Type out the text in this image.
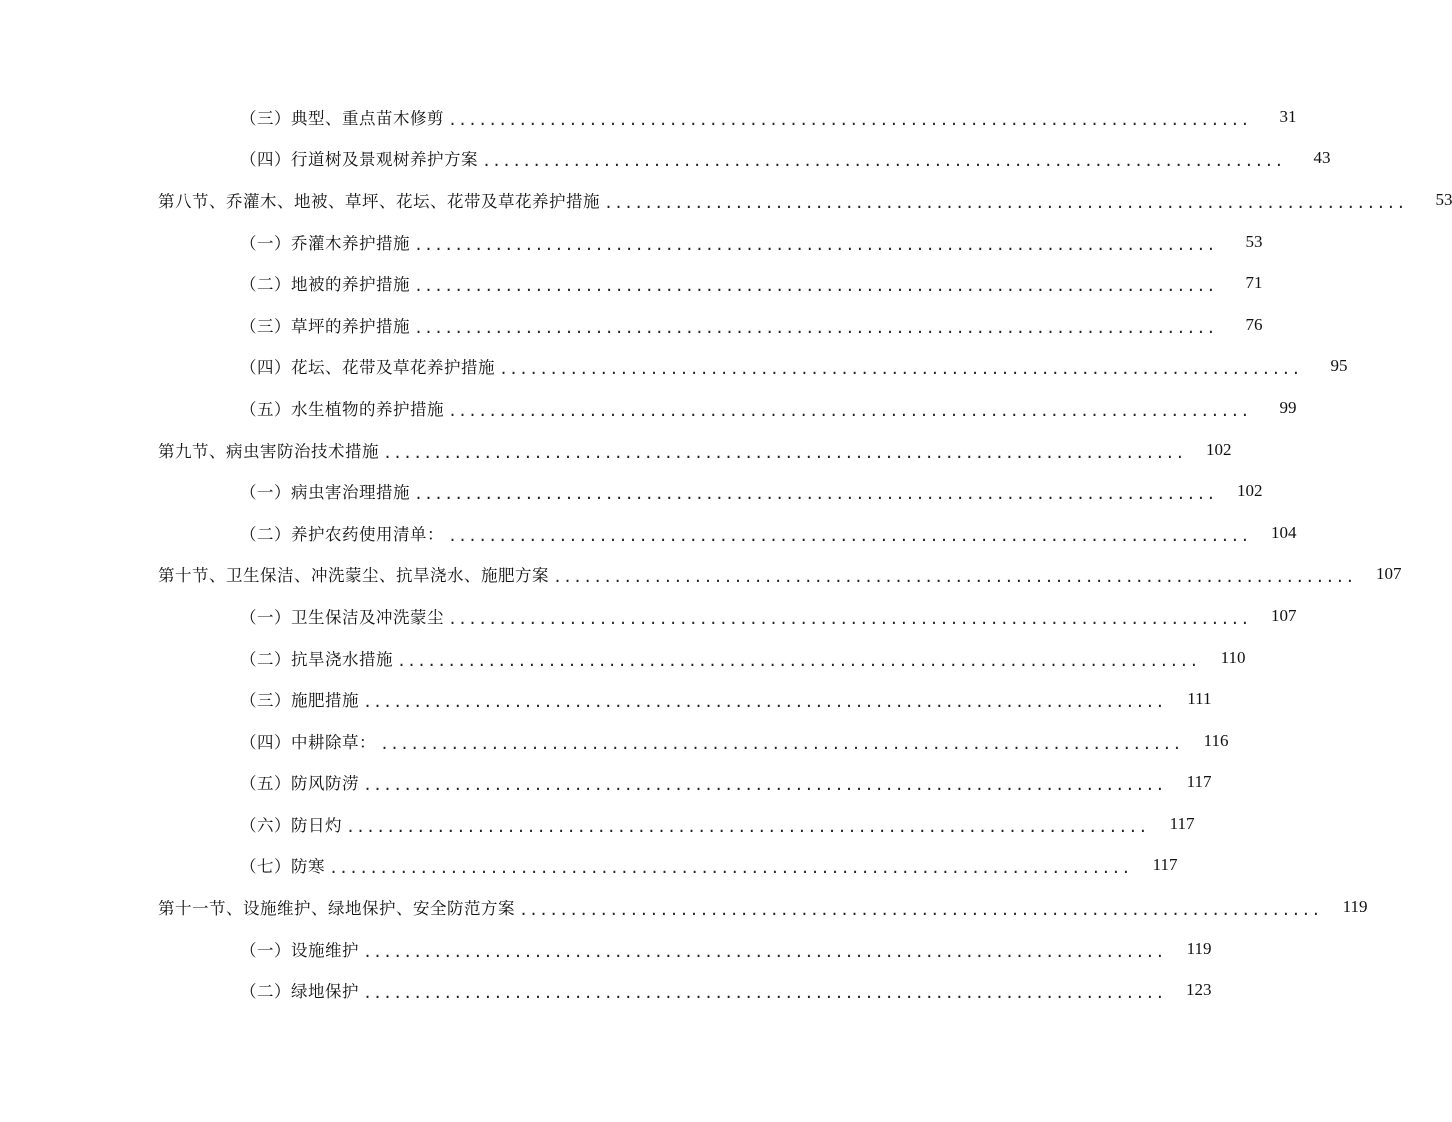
（三）典型、重点苗木修剪 ................................................................................	31
（四）行道树及景观树养护方案 ................................................................................	43
第八节、乔灌木、地被、草坪、花坛、花带及草花养护措施 ................................................................................	53
（一）乔灌木养护措施 ................................................................................	53
（二）地被的养护措施 ................................................................................	71
（三）草坪的养护措施 ................................................................................	76
（四）花坛、花带及草花养护措施 ................................................................................	95
（五）水生植物的养护措施 ................................................................................	99
第九节、病虫害防治技术措施 ................................................................................	102
（一）病虫害治理措施 ................................................................................	102
（二）养护农药使用清单： ................................................................................	104
第十节、卫生保洁、冲洗蒙尘、抗旱浇水、施肥方案 ................................................................................	107
（一）卫生保洁及冲洗蒙尘 ................................................................................	107
（二）抗旱浇水措施 ................................................................................	110
（三）施肥措施 ................................................................................	111
（四）中耕除草： ................................................................................	116
（五）防风防涝 ................................................................................	117
（六）防日灼 ................................................................................	117
（七）防寒 ................................................................................	117
第十一节、设施维护、绿地保护、安全防范方案 ................................................................................	119
（一）设施维护 ................................................................................	119
（二）绿地保护 ................................................................................	123
